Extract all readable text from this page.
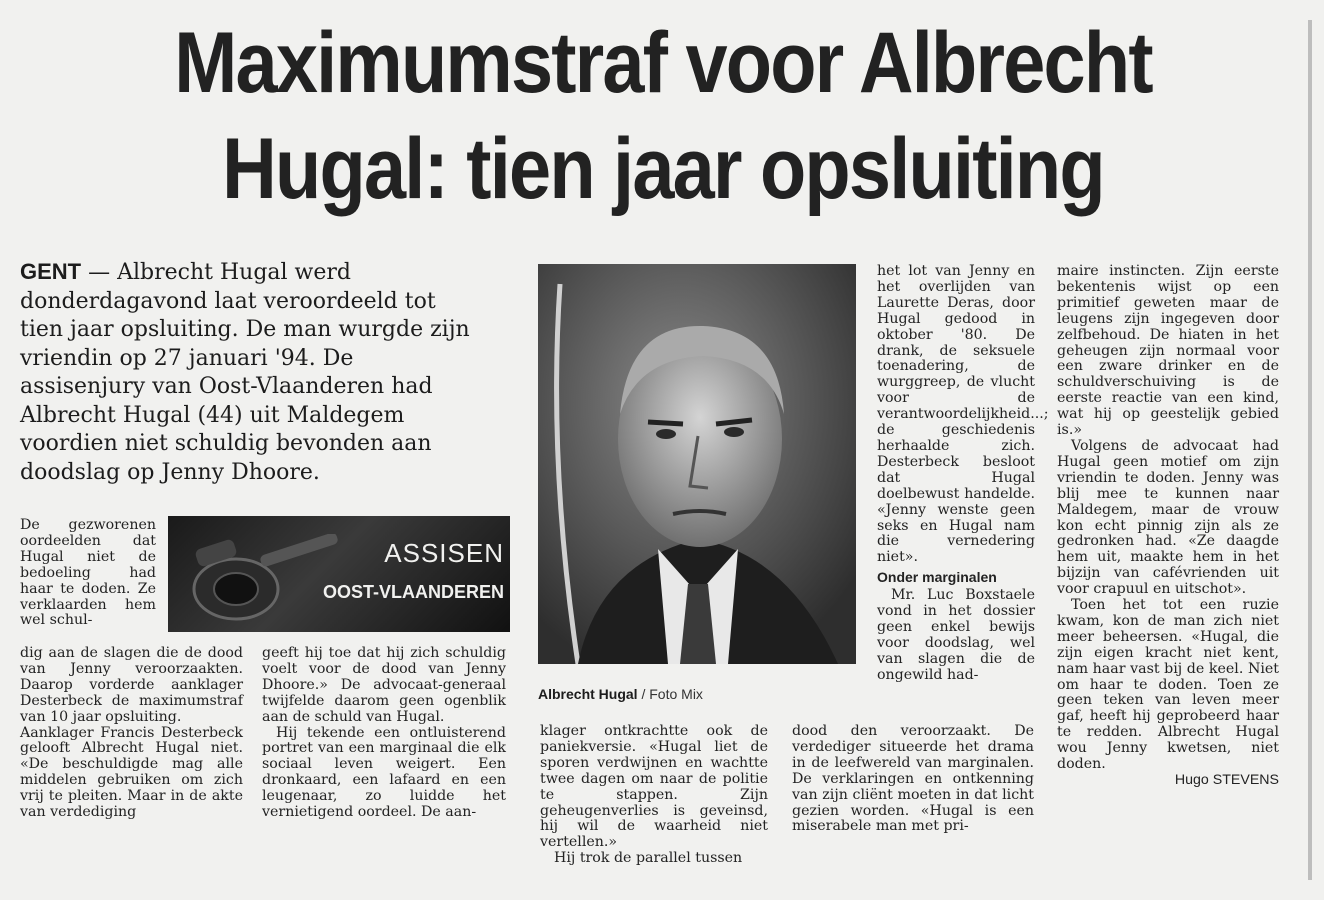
Maximumstraf voor Albrecht
Hugal: tien jaar opsluiting

GENT — Albrecht Hugal werd donderdagavond laat veroordeeld tot tien jaar opsluiting. De man wurgde zijn vriendin op 27 januari '94. De assisenjury van Oost-Vlaanderen had Albrecht Hugal (44) uit Maldegem voordien niet schuldig bevonden aan doodslag op Jenny Dhoore.

De gezworenen oordeelden dat Hugal niet de bedoeling had haar te doden. Ze verklaarden hem wel schul-

ASSISEN
OOST-VLAANDEREN

dig aan de slagen die de dood van Jenny veroorzaakten. Daarop vorderde aanklager Desterbeck de maximumstraf van 10 jaar opsluiting.

Aanklager Francis Desterbeck gelooft Albrecht Hugal niet. «De beschuldigde mag alle middelen gebruiken om zich vrij te pleiten. Maar in de akte van verdediging

geeft hij toe dat hij zich schuldig voelt voor de dood van Jenny Dhoore.» De advocaat-generaal twijfelde daarom geen ogenblik aan de schuld van Hugal.

Hij tekende een ontluisterend portret van een marginaal die elk sociaal leven weigert. Een dronkaard, een lafaard en een leugenaar, zo luidde het vernietigend oordeel. De aan-

Albrecht Hugal / Foto Mix

klager ontkrachtte ook de paniekversie. «Hugal liet de sporen verdwijnen en wachtte twee dagen om naar de politie te stappen. Zijn geheugenverlies is geveinsd, hij wil de waarheid niet vertellen.»

Hij trok de parallel tussen

het lot van Jenny en het overlijden van Laurette Deras, door Hugal gedood in oktober '80. De drank, de seksuele toenadering, de wurggreep, de vlucht voor de verantwoordelijkheid...; de geschiedenis herhaalde zich. Desterbeck besloot dat Hugal doelbewust handelde. «Jenny wenste geen seks en Hugal nam die vernedering niet».

Onder marginalen

Mr. Luc Boxstaele vond in het dossier geen enkel bewijs voor doodslag, wel van slagen die de ongewild had-

dood den veroorzaakt. De verdediger situeerde het drama in de leefwereld van marginalen. De verklaringen en ontkenning van zijn cliënt moeten in dat licht gezien worden. «Hugal is een miserabele man met pri-

maire instincten. Zijn eerste bekentenis wijst op een primitief geweten maar de leugens zijn ingegeven door zelfbehoud. De hiaten in het geheugen zijn normaal voor een zware drinker en de schuldverschuiving is de eerste reactie van een kind, wat hij op geestelijk gebied is.»

Volgens de advocaat had Hugal geen motief om zijn vriendin te doden. Jenny was blij mee te kunnen naar Maldegem, maar de vrouw kon echt pinnig zijn als ze gedronken had. «Ze daagde hem uit, maakte hem in het bijzijn van cafévrienden uit voor crapuul en uitschot».

Toen het tot een ruzie kwam, kon de man zich niet meer beheersen. «Hugal, die zijn eigen kracht niet kent, nam haar vast bij de keel. Niet om haar te doden. Toen ze geen teken van leven meer gaf, heeft hij geprobeerd haar te redden. Albrecht Hugal wou Jenny kwetsen, niet doden.

Hugo STEVENS
